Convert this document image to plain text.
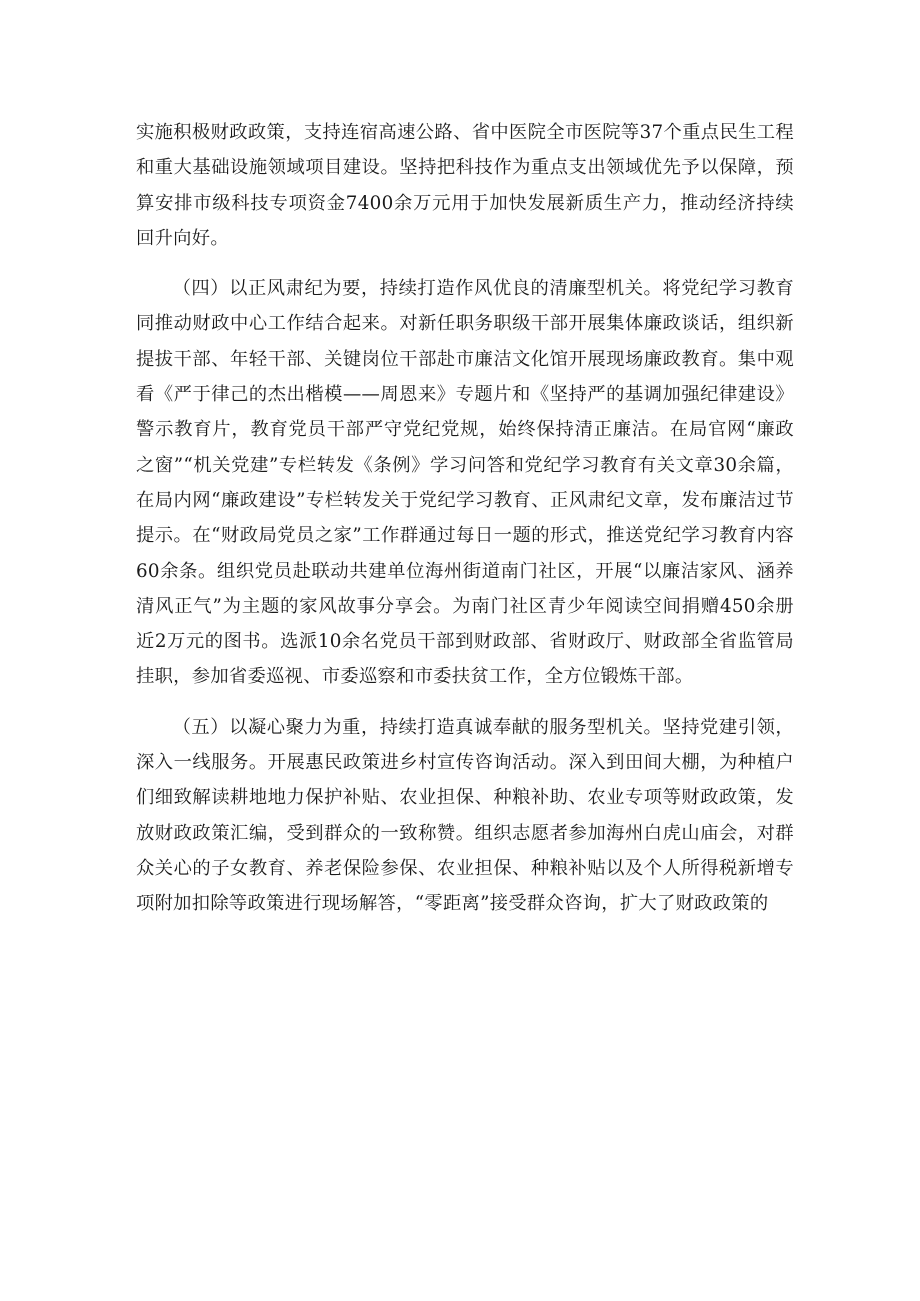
实施积极财政政策，支持连宿高速公路、省中医院全市医院等37个重点民生工程和重大基础设施领域项目建设。坚持把科技作为重点支出领域优先予以保障，预算安排市级科技专项资金7400余万元用于加快发展新质生产力，推动经济持续回升向好。

（四）以正风肃纪为要，持续打造作风优良的清廉型机关。将党纪学习教育同推动财政中心工作结合起来。对新任职务职级干部开展集体廉政谈话，组织新提拔干部、年轻干部、关键岗位干部赴市廉洁文化馆开展现场廉政教育。集中观看《严于律己的杰出楷模——周恩来》专题片和《坚持严的基调加强纪律建设》警示教育片，教育党员干部严守党纪党规，始终保持清正廉洁。在局官网“廉政之窗”“机关党建”专栏转发《条例》学习问答和党纪学习教育有关文章30余篇，在局内网“廉政建设”专栏转发关于党纪学习教育、正风肃纪文章，发布廉洁过节提示。在“财政局党员之家”工作群通过每日一题的形式，推送党纪学习教育内容60余条。组织党员赴联动共建单位海州街道南门社区，开展“以廉洁家风、涵养清风正气”为主题的家风故事分享会。为南门社区青少年阅读空间捐赠450余册近2万元的图书。选派10余名党员干部到财政部、省财政厅、财政部全省监管局挂职，参加省委巡视、市委巡察和市委扶贫工作，全方位锻炼干部。

（五）以凝心聚力为重，持续打造真诚奉献的服务型机关。坚持党建引领，深入一线服务。开展惠民政策进乡村宣传咨询活动。深入到田间大棚，为种植户们细致解读耕地地力保护补贴、农业担保、种粮补助、农业专项等财政政策，发放财政政策汇编，受到群众的一致称赞。组织志愿者参加海州白虎山庙会，对群众关心的子女教育、养老保险参保、农业担保、种粮补贴以及个人所得税新增专项附加扣除等政策进行现场解答，“零距离”接受群众咨询，扩大了财政政策的
